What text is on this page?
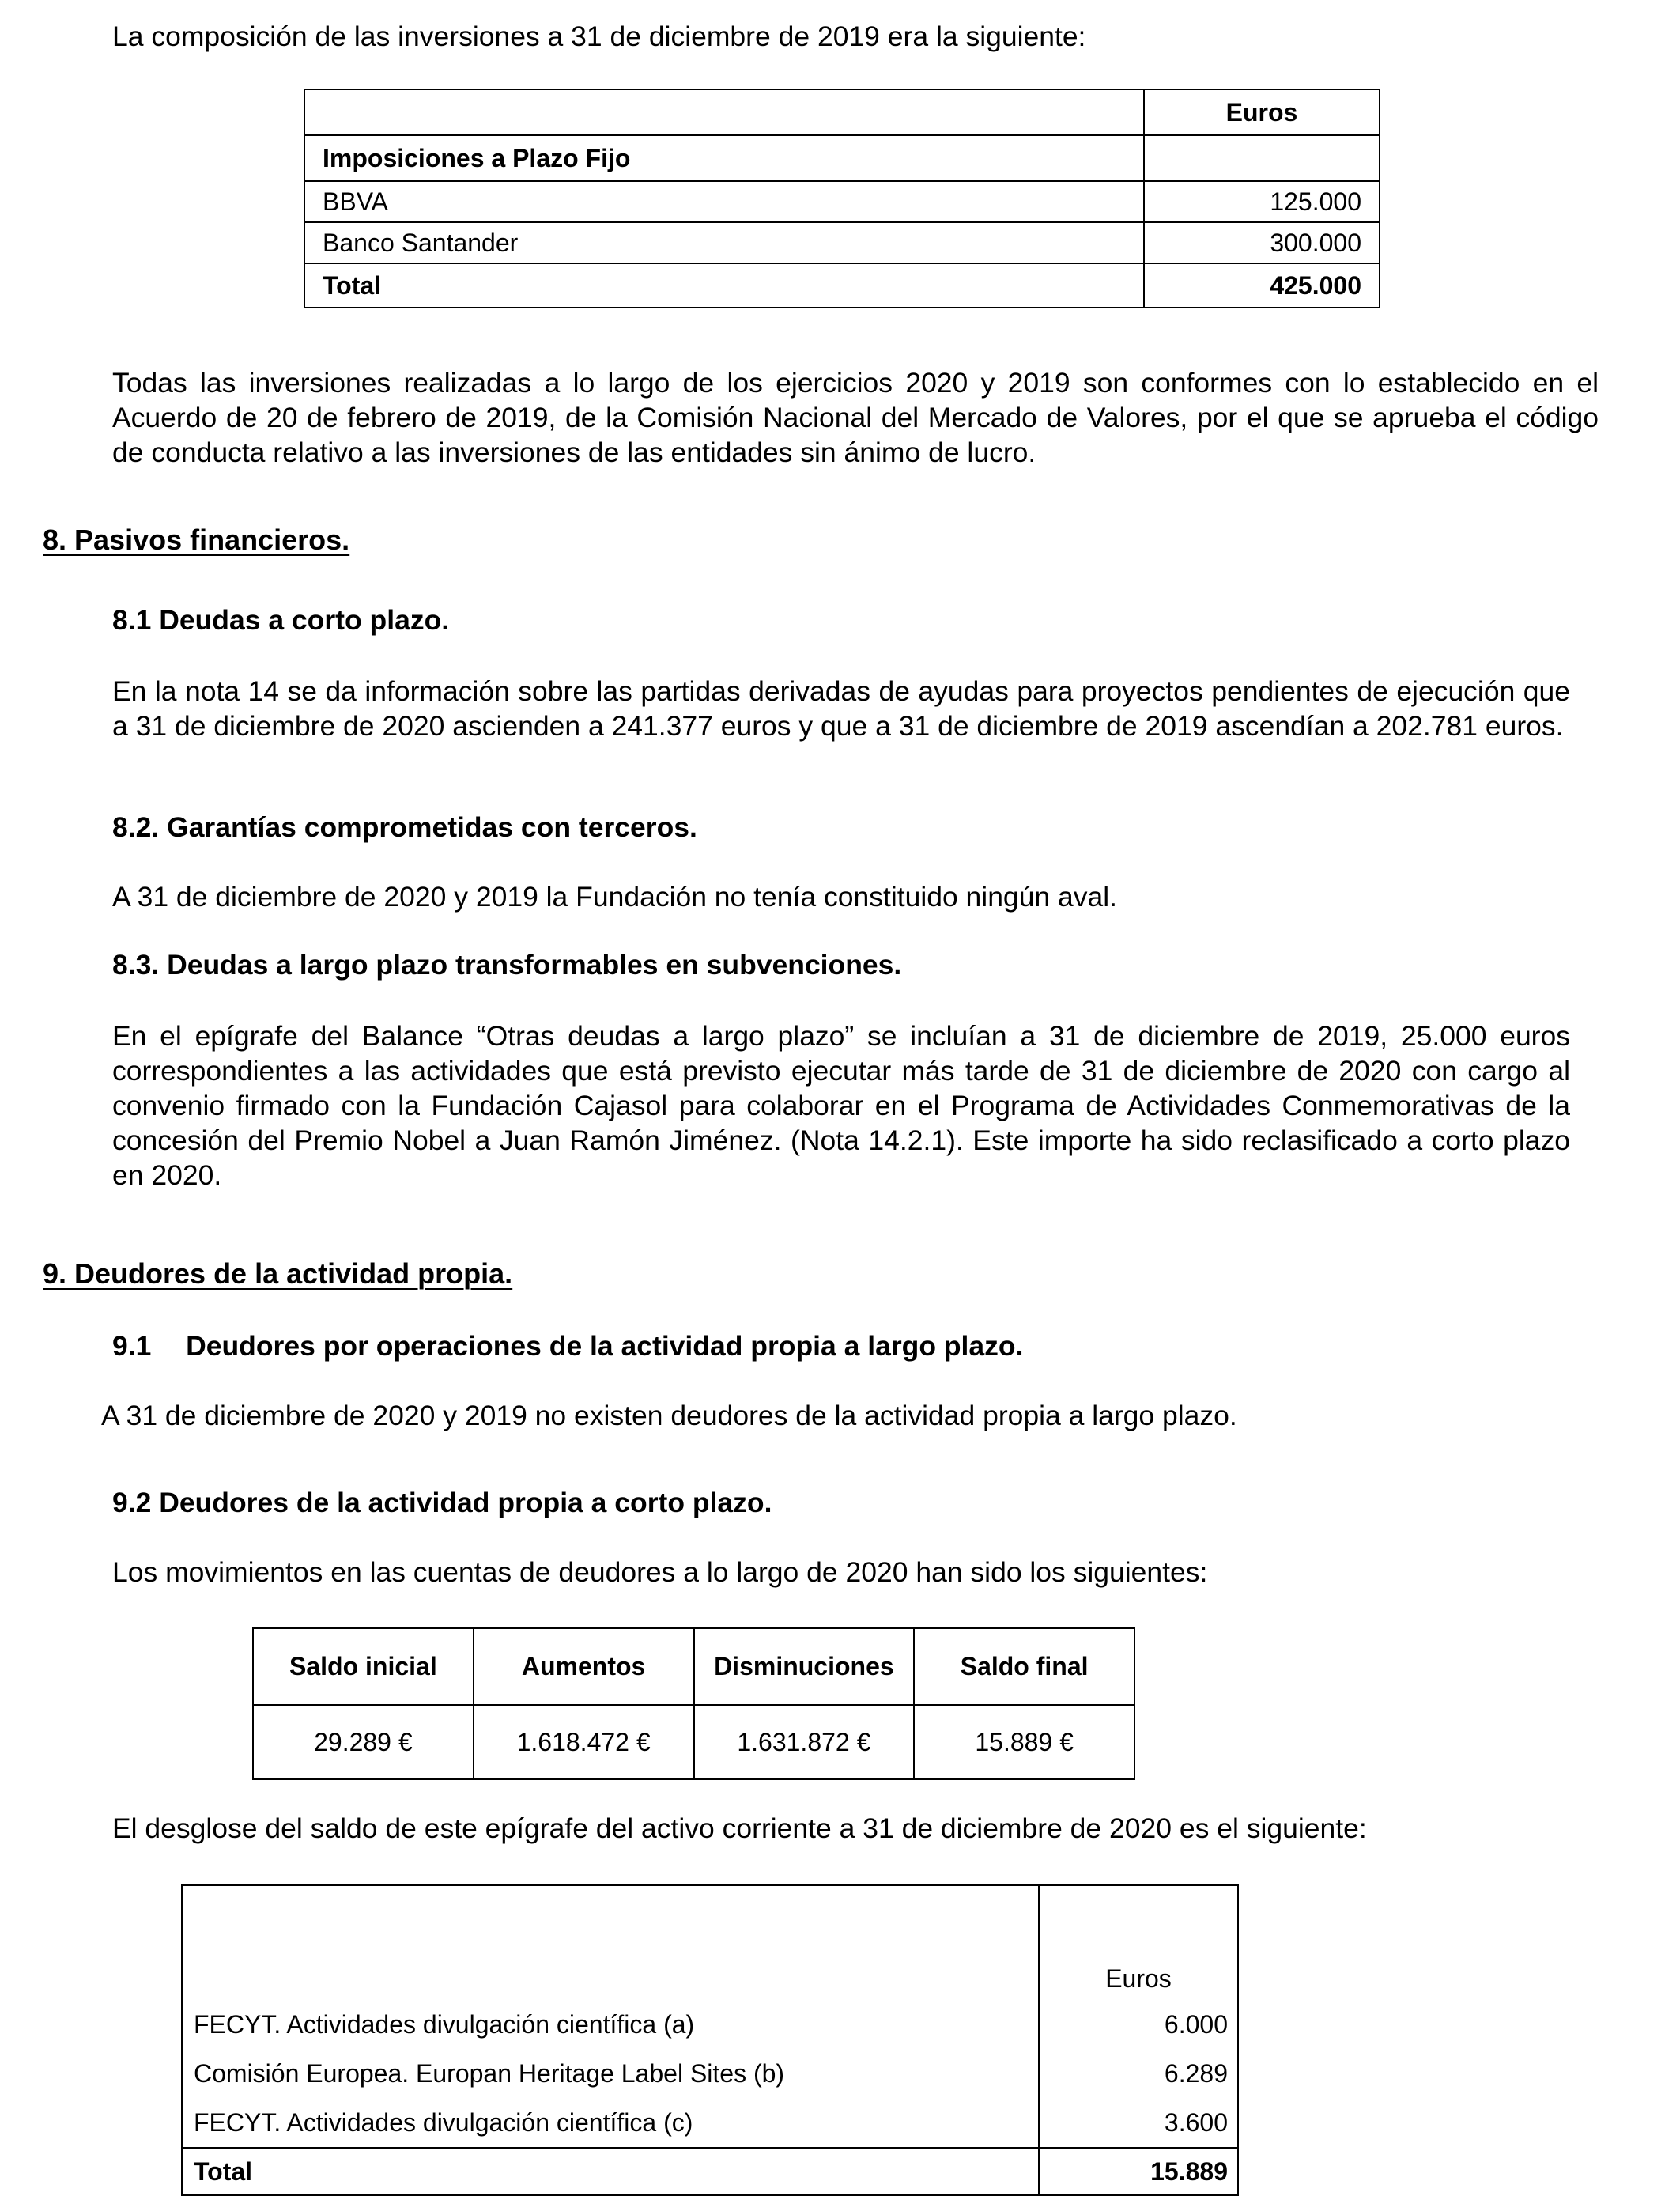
La composición de las inversiones a 31 de diciembre de 2019 era la siguiente:
	Euros
Imposiciones a Plazo Fijo	
BBVA	125.000
Banco Santander	300.000
Total	425.000
Todas las inversiones realizadas a lo largo de los ejercicios 2020 y 2019 son conformes con lo establecido en el Acuerdo de 20 de febrero de 2019, de la Comisión Nacional del Mercado de Valores, por el que se aprueba el código de conducta relativo a las inversiones de las entidades sin ánimo de lucro.
8. Pasivos financieros.
8.1 Deudas a corto plazo.
En la nota 14 se da información sobre las partidas derivadas de ayudas para proyectos pendientes de ejecución que a 31 de diciembre de 2020 ascienden a 241.377 euros y que a 31 de diciembre de 2019 ascendían a 202.781 euros.
8.2. Garantías comprometidas con terceros.
A 31 de diciembre de 2020 y 2019 la Fundación no tenía constituido ningún aval.
8.3. Deudas a largo plazo transformables en subvenciones.
En el epígrafe del Balance “Otras deudas a largo plazo” se incluían a 31 de diciembre de 2019, 25.000 euros correspondientes a las actividades que está previsto ejecutar más tarde de 31 de diciembre de 2020 con cargo al convenio firmado con la Fundación Cajasol para colaborar en el Programa de Actividades Conmemorativas de la concesión del Premio Nobel a Juan Ramón Jiménez. (Nota 14.2.1). Este importe ha sido reclasificado a corto plazo en 2020.
9. Deudores de la actividad propia.
9.1 Deudores por operaciones de la actividad propia a largo plazo.
A 31 de diciembre de 2020 y 2019 no existen deudores de la actividad propia a largo plazo.
9.2 Deudores de la actividad propia a corto plazo.
Los movimientos en las cuentas de deudores a lo largo de 2020 han sido los siguientes:
Saldo inicial	Aumentos	Disminuciones	Saldo final
29.289 €	1.618.472 €	1.631.872 €	15.889 €
El desglose del saldo de este epígrafe del activo corriente a 31 de diciembre de 2020 es el siguiente:
	Euros
FECYT. Actividades divulgación científica (a)	6.000
Comisión Europea. Europan Heritage Label Sites (b)	6.289
FECYT. Actividades divulgación científica (c)	3.600
Total	15.889
